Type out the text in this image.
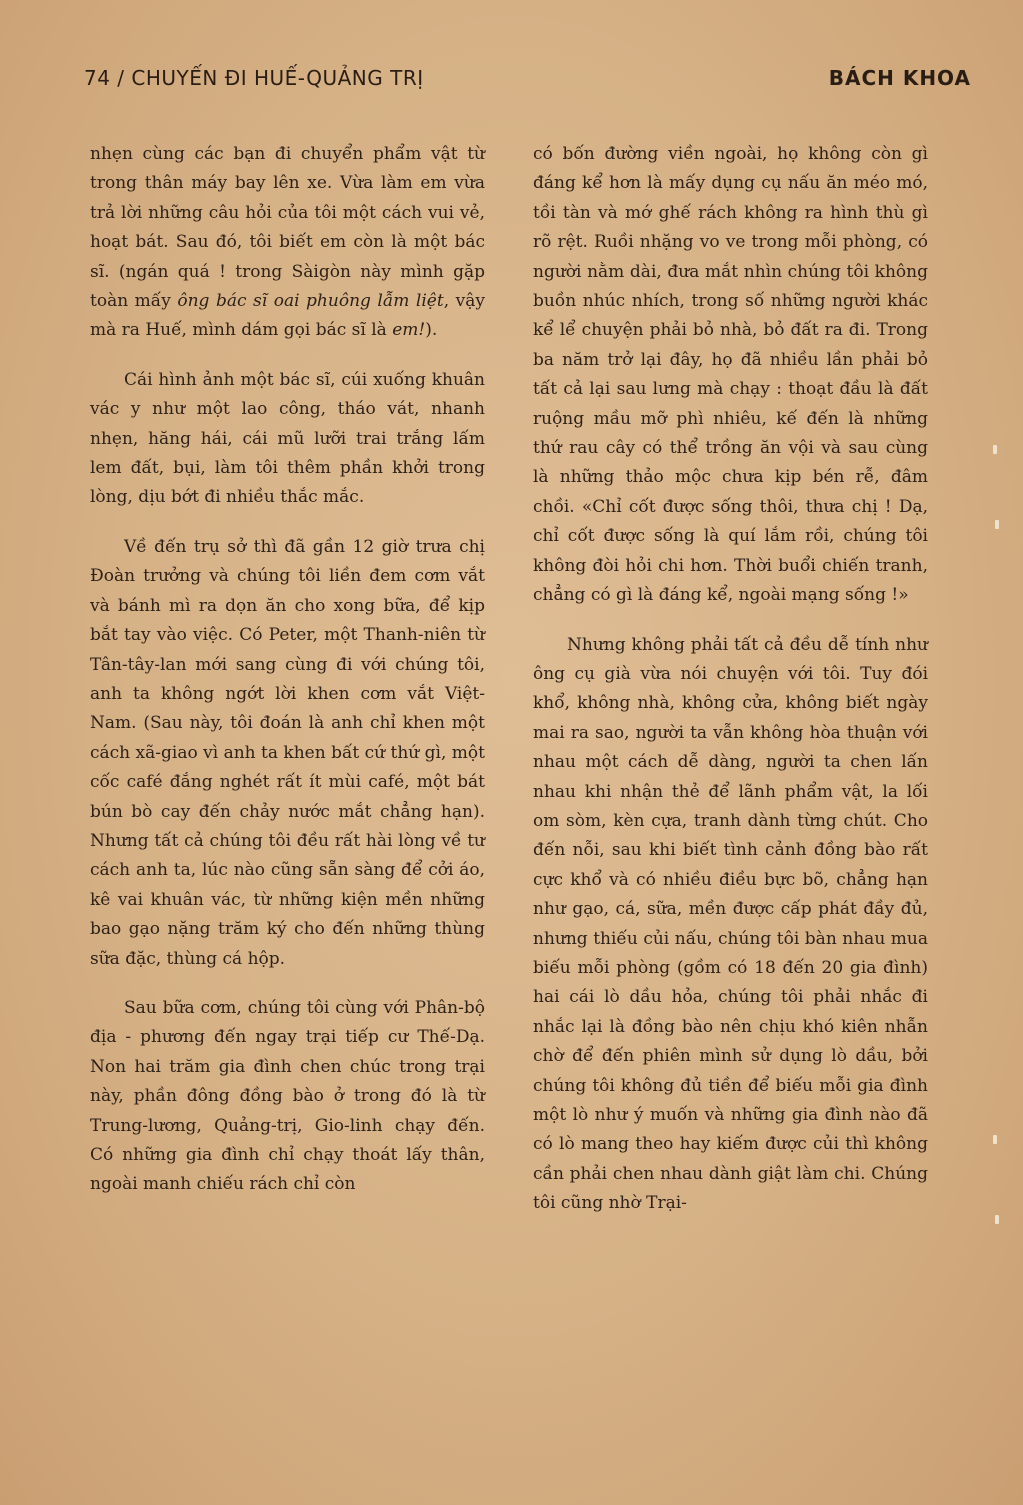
74 / CHUYẾN ĐI HUẾ-QUẢNG TRỊ	BÁCH KHOA

nhẹn cùng các bạn đi chuyển phẩm vật từ trong thân máy bay lên xe. Vừa làm em vừa trả lời những câu hỏi của tôi một cách vui vẻ, hoạt bát. Sau đó, tôi biết em còn là một bác sĩ. (ngán quá ! trong Sàigòn này mình gặp toàn mấy ông bác sĩ oai phuông lẫm liệt, vậy mà ra Huế, mình dám gọi bác sĩ là em!).

Cái hình ảnh một bác sĩ, cúi xuống khuân vác y như một lao công, tháo vát, nhanh nhẹn, hăng hái, cái mũ lưỡi trai trắng lấm lem đất, bụi, làm tôi thêm phần khởi trong lòng, dịu bớt đi nhiều thắc mắc.

Về đến trụ sở thì đã gần 12 giờ trưa chị Đoàn trưởng và chúng tôi liền đem cơm vắt và bánh mì ra dọn ăn cho xong bữa, để kịp bắt tay vào việc. Có Peter, một Thanh-niên từ Tân-tây-lan mới sang cùng đi với chúng tôi, anh ta không ngớt lời khen cơm vắt Việt-Nam. (Sau này, tôi đoán là anh chỉ khen một cách xã-giao vì anh ta khen bất cứ thứ gì, một cốc café đắng nghét rất ít mùi café, một bát bún bò cay đến chảy nước mắt chẳng hạn). Nhưng tất cả chúng tôi đều rất hài lòng về tư cách anh ta, lúc nào cũng sẵn sàng để cởi áo, kê vai khuân vác, từ những kiện mền những bao gạo nặng trăm ký cho đến những thùng sữa đặc, thùng cá hộp.

Sau bữa cơm, chúng tôi cùng với Phân-bộ địa - phương đến ngay trại tiếp cư Thế-Dạ. Non hai trăm gia đình chen chúc trong trại này, phần đông đồng bào ở trong đó là từ Trung-lương, Quảng-trị, Gio-linh chạy đến. Có những gia đình chỉ chạy thoát lấy thân, ngoài manh chiếu rách chỉ còn

có bốn đường viền ngoài, họ không còn gì đáng kể hơn là mấy dụng cụ nấu ăn méo mó, tồi tàn và mớ ghế rách không ra hình thù gì rõ rệt. Ruồi nhặng vo ve trong mỗi phòng, có người nằm dài, đưa mắt nhìn chúng tôi không buồn nhúc nhích, trong số những người khác kể lể chuyện phải bỏ nhà, bỏ đất ra đi. Trong ba năm trở lại đây, họ đã nhiều lần phải bỏ tất cả lại sau lưng mà chạy : thoạt đầu là đất ruộng mầu mỡ phì nhiêu, kế đến là những thứ rau cây có thể trồng ăn vội và sau cùng là những thảo mộc chưa kịp bén rễ, đâm chồi. «Chỉ cốt được sống thôi, thưa chị ! Dạ, chỉ cốt được sống là quí lắm rồi, chúng tôi không đòi hỏi chi hơn. Thời buổi chiến tranh, chẳng có gì là đáng kể, ngoài mạng sống !»

Nhưng không phải tất cả đều dễ tính như ông cụ già vừa nói chuyện với tôi. Tuy đói khổ, không nhà, không cửa, không biết ngày mai ra sao, người ta vẫn không hòa thuận với nhau một cách dễ dàng, người ta chen lấn nhau khi nhận thẻ để lãnh phẩm vật, la lối om sòm, kèn cựa, tranh dành từng chút. Cho đến nỗi, sau khi biết tình cảnh đồng bào rất cực khổ và có nhiều điều bực bõ, chẳng hạn như gạo, cá, sữa, mền được cấp phát đầy đủ, nhưng thiếu củi nấu, chúng tôi bàn nhau mua biếu mỗi phòng (gồm có 18 đến 20 gia đình) hai cái lò dầu hỏa, chúng tôi phải nhắc đi nhắc lại là đồng bào nên chịu khó kiên nhẫn chờ để đến phiên mình sử dụng lò dầu, bởi chúng tôi không đủ tiền để biếu mỗi gia đình một lò như ý muốn và những gia đình nào đã có lò mang theo hay kiếm được củi thì không cần phải chen nhau dành giật làm chi. Chúng tôi cũng nhờ Trại-
